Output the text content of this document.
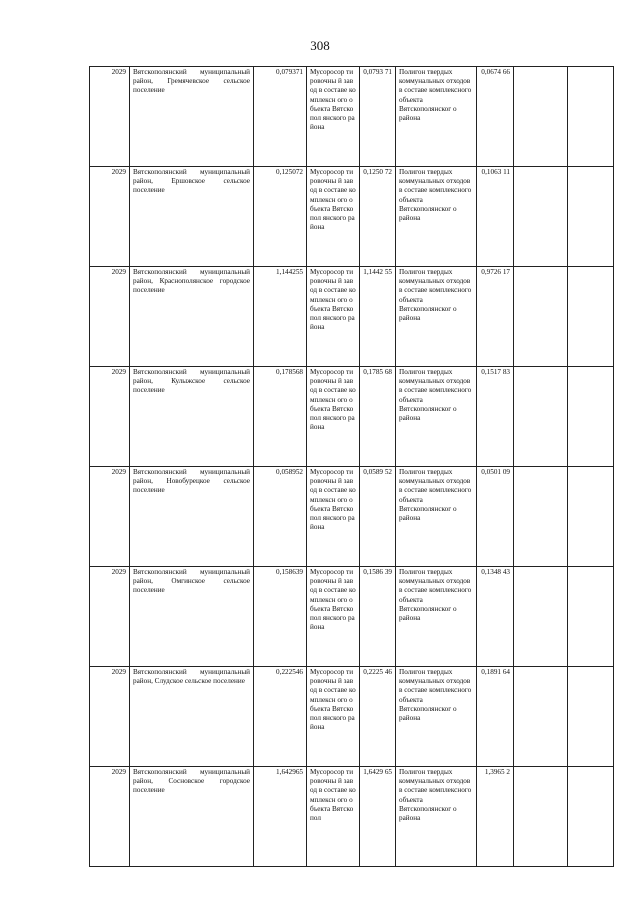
308
2029	Вятскополянский муниципальный район, Гремячевское сельское поселение	0,079371	Мусоросор тировочны й завод в составе комплексн ого объекта Вятскопол янского района	0,0793 71	Полигон твердых коммунальных отходов в составе комплексного объекта Вятскополянског о района	0,0674 66		
2029	Вятскополянский муниципальный район, Ершовское сельское поселение	0,125072	Мусоросор тировочны й завод в составе комплексн ого объекта Вятскопол янского района	0,1250 72	Полигон твердых коммунальных отходов в составе комплексного объекта Вятскополянског о района	0,1063 11		
2029	Вятскополянский муниципальный район, Краснополянское городское поселение	1,144255	Мусоросор тировочны й завод в составе комплексн ого объекта Вятскопол янского района	1,1442 55	Полигон твердых коммунальных отходов в составе комплексного объекта Вятскополянског о района	0,9726 17		
2029	Вятскополянский муниципальный район, Кулыжское сельское поселение	0,178568	Мусоросор тировочны й завод в составе комплексн ого объекта Вятскопол янского района	0,1785 68	Полигон твердых коммунальных отходов в составе комплексного объекта Вятскополянског о района	0,1517 83		
2029	Вятскополянский муниципальный район, Новобурецкое сельское поселение	0,058952	Мусоросор тировочны й завод в составе комплексн ого объекта Вятскопол янского района	0,0589 52	Полигон твердых коммунальных отходов в составе комплексного объекта Вятскополянског о района	0,0501 09		
2029	Вятскополянский муниципальный район, Омгинское сельское поселение	0,158639	Мусоросор тировочны й завод в составе комплексн ого объекта Вятскопол янского района	0,1586 39	Полигон твердых коммунальных отходов в составе комплексного объекта Вятскополянског о района	0,1348 43		
2029	Вятскополянский муниципальный район, Слудское сельское поселение	0,222546	Мусоросор тировочны й завод в составе комплексн ого объекта Вятскопол янского района	0,2225 46	Полигон твердых коммунальных отходов в составе комплексного объекта Вятскополянског о района	0,1891 64		
2029	Вятскополянский муниципальный район, Сосновское городское поселение	1,642965	Мусоросор тировочны й завод в составе комплексн ого объекта Вятскопол	1,6429 65	Полигон твердых коммунальных отходов в составе комплексного объекта Вятскополянског о района	1,3965 2		
